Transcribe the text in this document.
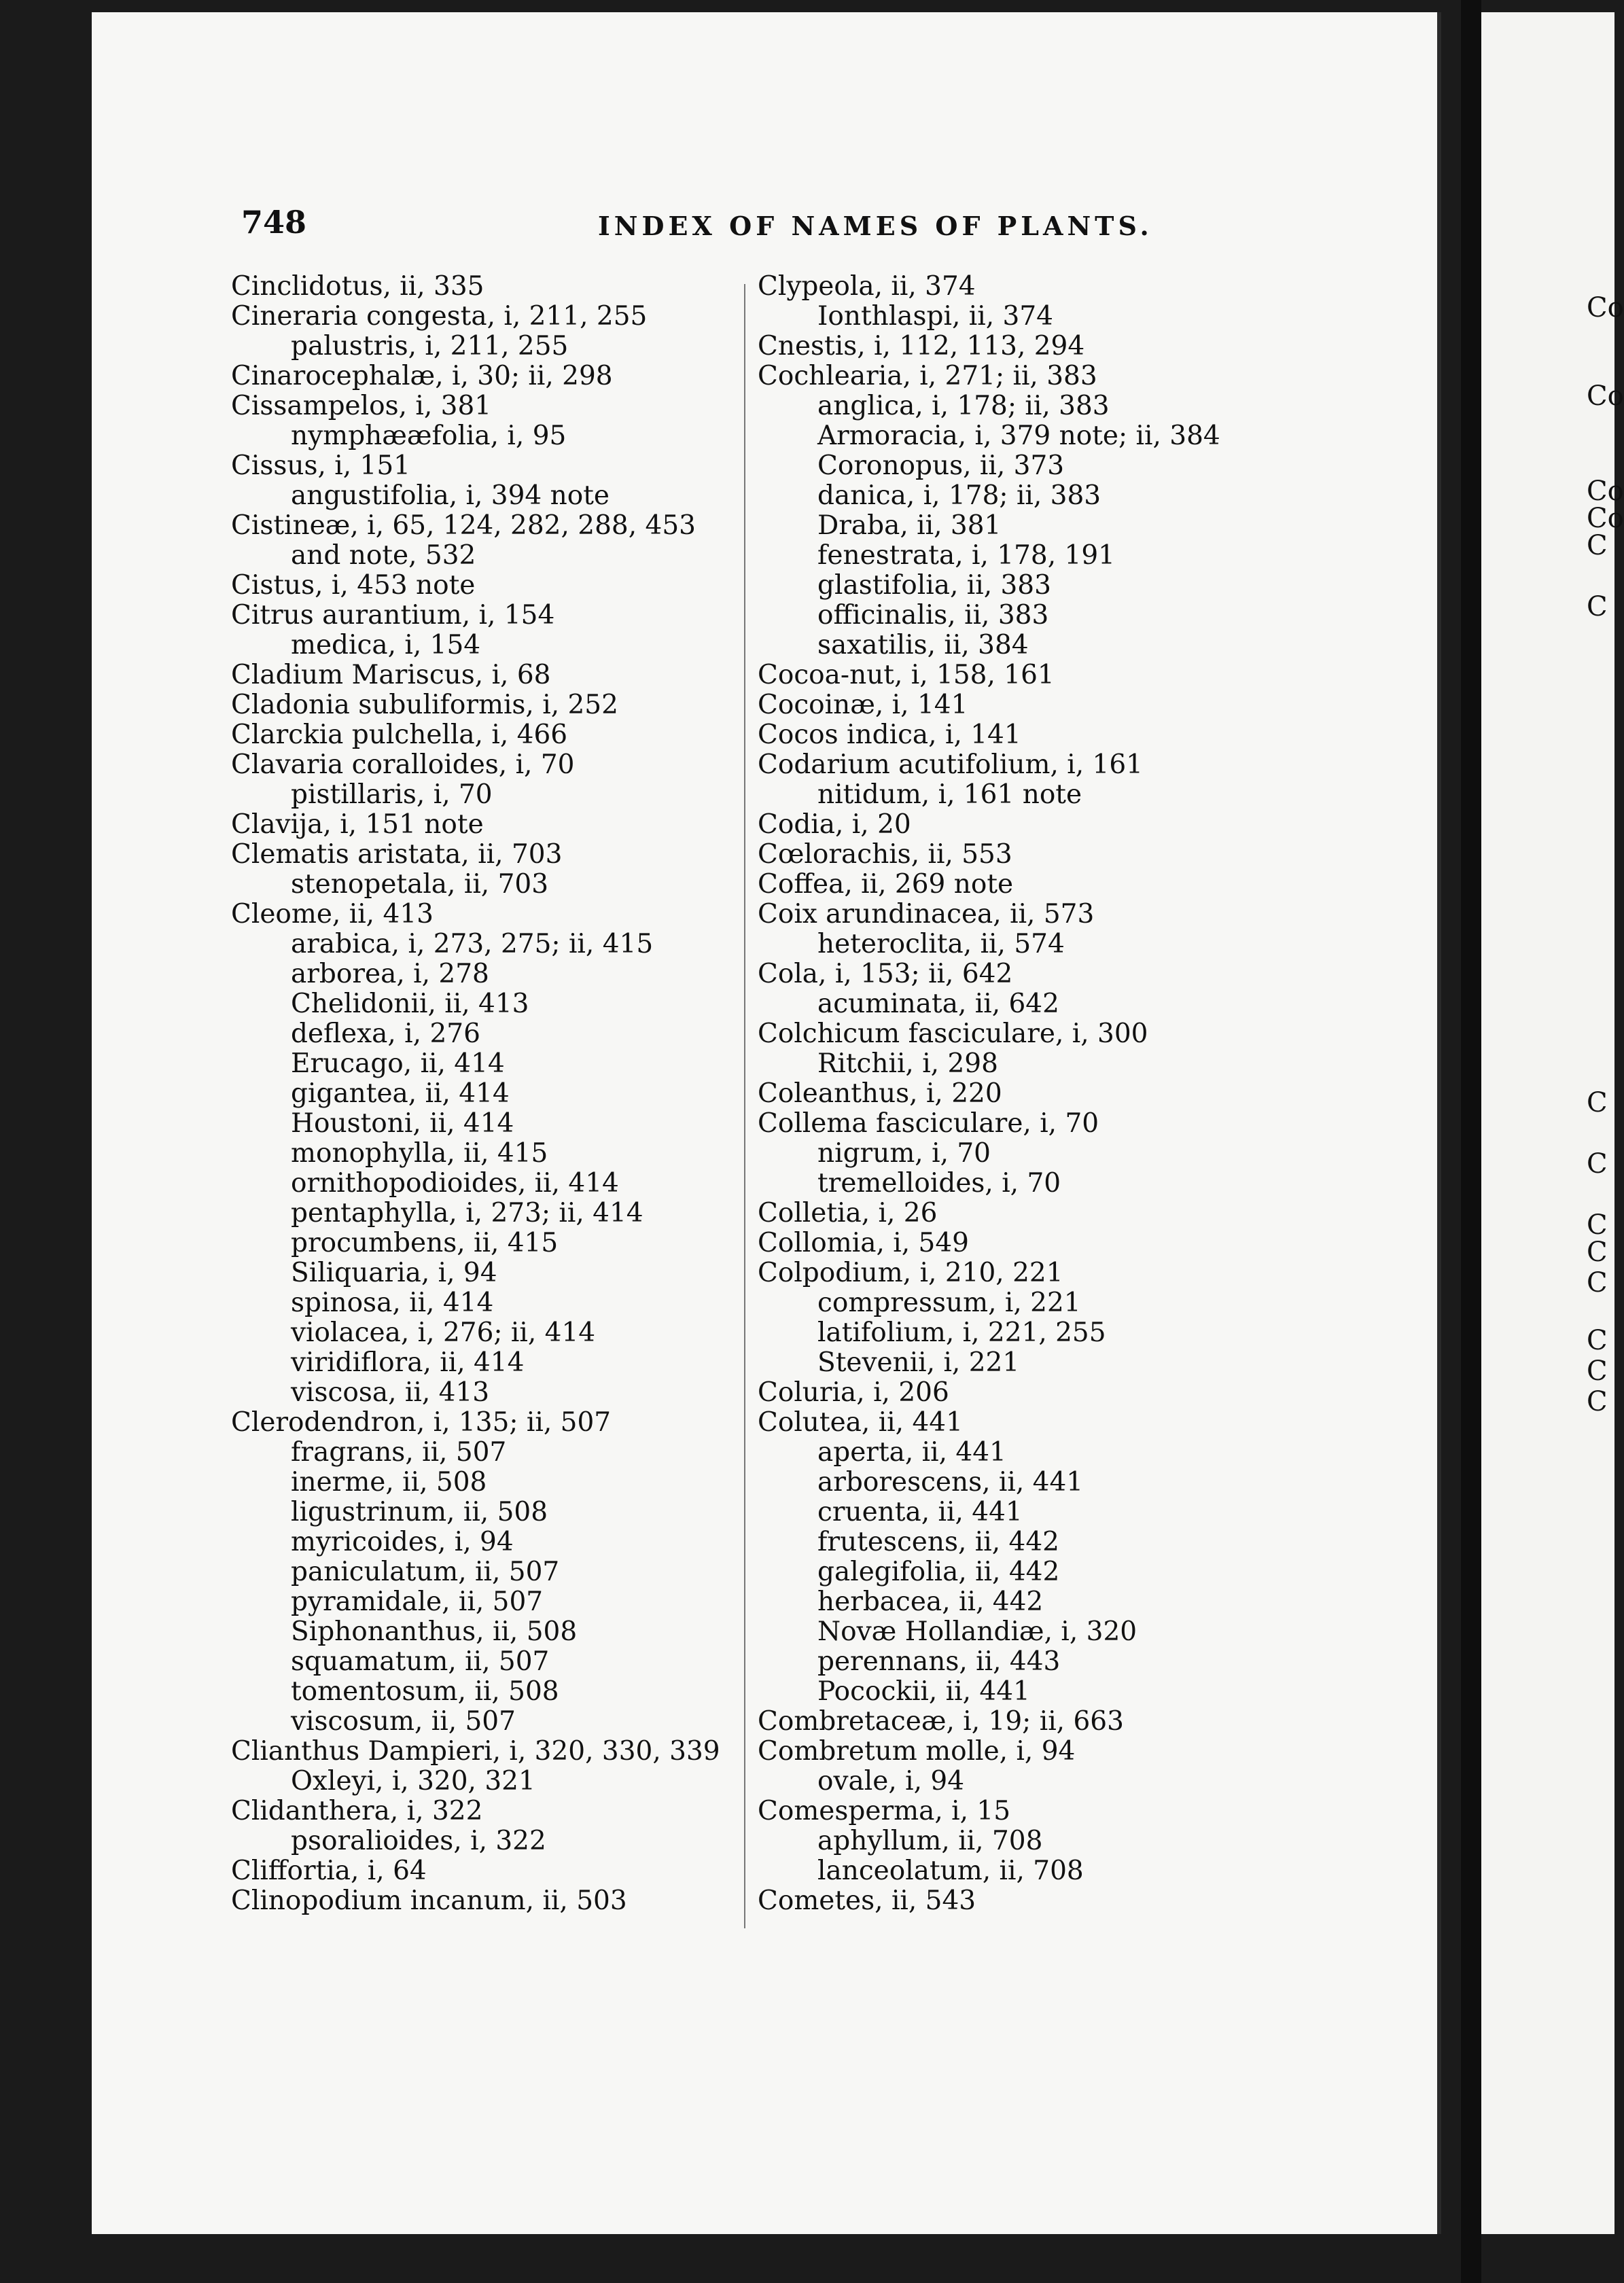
748	INDEX OF NAMES OF PLANTS.
Cinclidotus, ii, 335
Cineraria congesta, i, 211, 255
palustris, i, 211, 255
Cinarocephalæ, i, 30; ii, 298
Cissampelos, i, 381
nymphææfolia, i, 95
Cissus, i, 151
angustifolia, i, 394 note
Cistineæ, i, 65, 124, 282, 288, 453
and note, 532
Cistus, i, 453 note
Citrus aurantium, i, 154
medica, i, 154
Cladium Mariscus, i, 68
Cladonia subuliformis, i, 252
Clarckia pulchella, i, 466
Clavaria coralloides, i, 70
pistillaris, i, 70
Clavija, i, 151 note
Clematis aristata, ii, 703
stenopetala, ii, 703
Cleome, ii, 413
arabica, i, 273, 275; ii, 415
arborea, i, 278
Chelidonii, ii, 413
deflexa, i, 276
Erucago, ii, 414
gigantea, ii, 414
Houstoni, ii, 414
monophylla, ii, 415
ornithopodioides, ii, 414
pentaphylla, i, 273; ii, 414
procumbens, ii, 415
Siliquaria, i, 94
spinosa, ii, 414
violacea, i, 276; ii, 414
viridiflora, ii, 414
viscosa, ii, 413
Clerodendron, i, 135; ii, 507
fragrans, ii, 507
inerme, ii, 508
ligustrinum, ii, 508
myricoides, i, 94
paniculatum, ii, 507
pyramidale, ii, 507
Siphonanthus, ii, 508
squamatum, ii, 507
tomentosum, ii, 508
viscosum, ii, 507
Clianthus Dampieri, i, 320, 330, 339
Oxleyi, i, 320, 321
Clidanthera, i, 322
psoralioides, i, 322
Cliffortia, i, 64
Clinopodium incanum, ii, 503
Clypeola, ii, 374
Ionthlaspi, ii, 374
Cnestis, i, 112, 113, 294
Cochlearia, i, 271; ii, 383
anglica, i, 178; ii, 383
Armoracia, i, 379 note; ii, 384
Coronopus, ii, 373
danica, i, 178; ii, 383
Draba, ii, 381
fenestrata, i, 178, 191
glastifolia, ii, 383
officinalis, ii, 383
saxatilis, ii, 384
Cocoa-nut, i, 158, 161
Cocoinæ, i, 141
Cocos indica, i, 141
Codarium acutifolium, i, 161
nitidum, i, 161 note
Codia, i, 20
Cœlorachis, ii, 553
Coffea, ii, 269 note
Coix arundinacea, ii, 573
heteroclita, ii, 574
Cola, i, 153; ii, 642
acuminata, ii, 642
Colchicum fasciculare, i, 300
Ritchii, i, 298
Coleanthus, i, 220
Collema fasciculare, i, 70
nigrum, i, 70
tremelloides, i, 70
Colletia, i, 26
Collomia, i, 549
Colpodium, i, 210, 221
compressum, i, 221
latifolium, i, 221, 255
Stevenii, i, 221
Coluria, i, 206
Colutea, ii, 441
aperta, ii, 441
arborescens, ii, 441
cruenta, ii, 441
frutescens, ii, 442
galegifolia, ii, 442
herbacea, ii, 442
Novæ Hollandiæ, i, 320
perennans, ii, 443
Pocockii, ii, 441
Combretaceæ, i, 19; ii, 663
Combretum molle, i, 94
ovale, i, 94
Comesperma, i, 15
aphyllum, ii, 708
lanceolatum, ii, 708
Cometes, ii, 543
Co
Co
Co
Co
C
C
C
C
C
C
C
C
C
C
